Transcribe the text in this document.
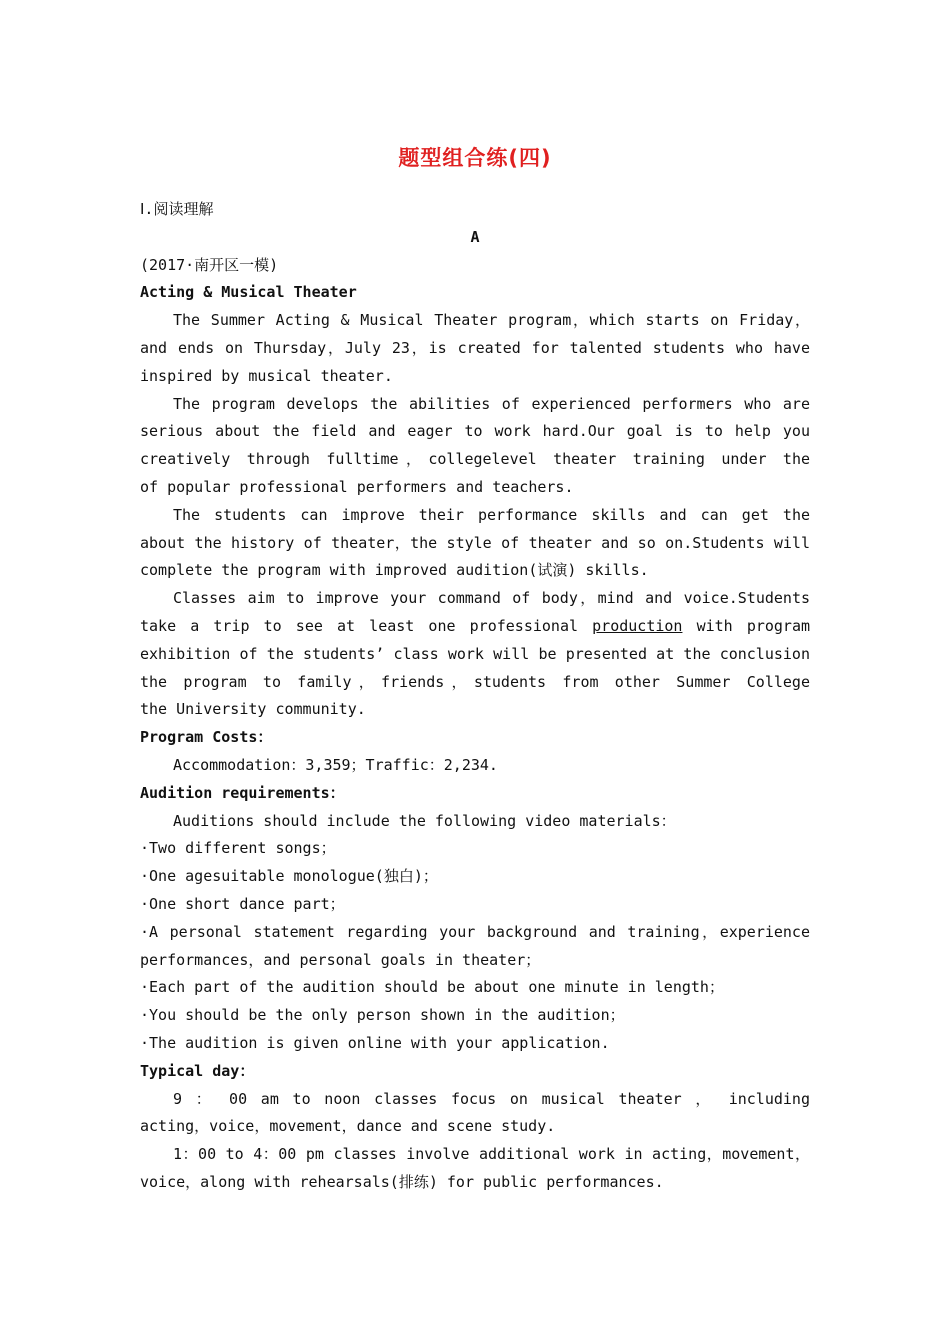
题型组合练(四)
Ⅰ.阅读理解
A
(2017·南开区一模)
Acting & Musical Theater
The Summer Acting & Musical Theater program，which starts on Friday，
and ends on Thursday，July 23，is created for talented students who have
inspired by musical theater.
The program develops the abilities of experienced performers who are
serious about the field and eager to work hard.Our goal is to help you
creatively through fulltime，collegelevel theater training under the
of popular professional performers and teachers.
The students can improve their performance skills and can get the
about the history of theater，the style of theater and so on.Students will
complete the program with improved audition(试演) skills.
Classes aim to improve your command of body，mind and voice.Students
take a trip to see at least one professional production with program
exhibition of the students’ class work will be presented at the conclusion
the program to family，friends，students from other Summer College
the University community.
Program Costs：
Accommodation：3,359；Traffic：2,234.
Audition requirements：
Auditions should include the following video materials：
·Two different songs；
·One agesuitable monologue(独白)；
·One short dance part；
·A personal statement regarding your background and training，experience
performances，and personal goals in theater；
·Each part of the audition should be about one minute in length；
·You should be the only person shown in the audition；
·The audition is given online with your application.
Typical day：
9 ： 00 am to noon classes focus on musical theater ， including
acting，voice，movement，dance and scene study.
1：00 to 4：00 pm classes involve additional work in acting，movement，
voice，along with rehearsals(排练) for public performances.
